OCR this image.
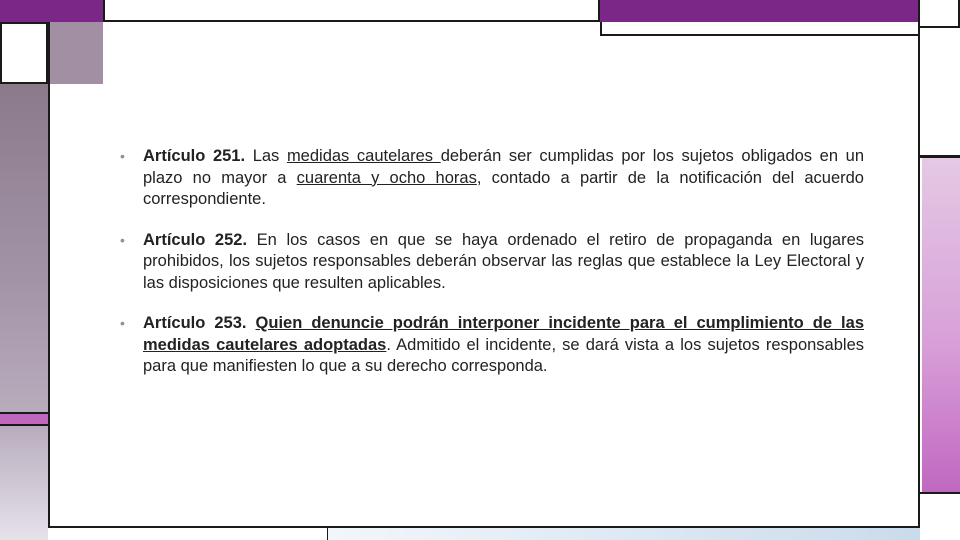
• Artículo 251. Las medidas cautelares deberán ser cumplidas por los sujetos obligados en un plazo no mayor a cuarenta y ocho horas, contado a partir de la notificación del acuerdo correspondiente.
• Artículo 252. En los casos en que se haya ordenado el retiro de propaganda en lugares prohibidos, los sujetos responsables deberán observar las reglas que establece la Ley Electoral y las disposiciones que resulten aplicables.
• Artículo 253. Quien denuncie podrán interponer incidente para el cumplimiento de las medidas cautelares adoptadas. Admitido el incidente, se dará vista a los sujetos responsables para que manifiesten lo que a su derecho corresponda.
